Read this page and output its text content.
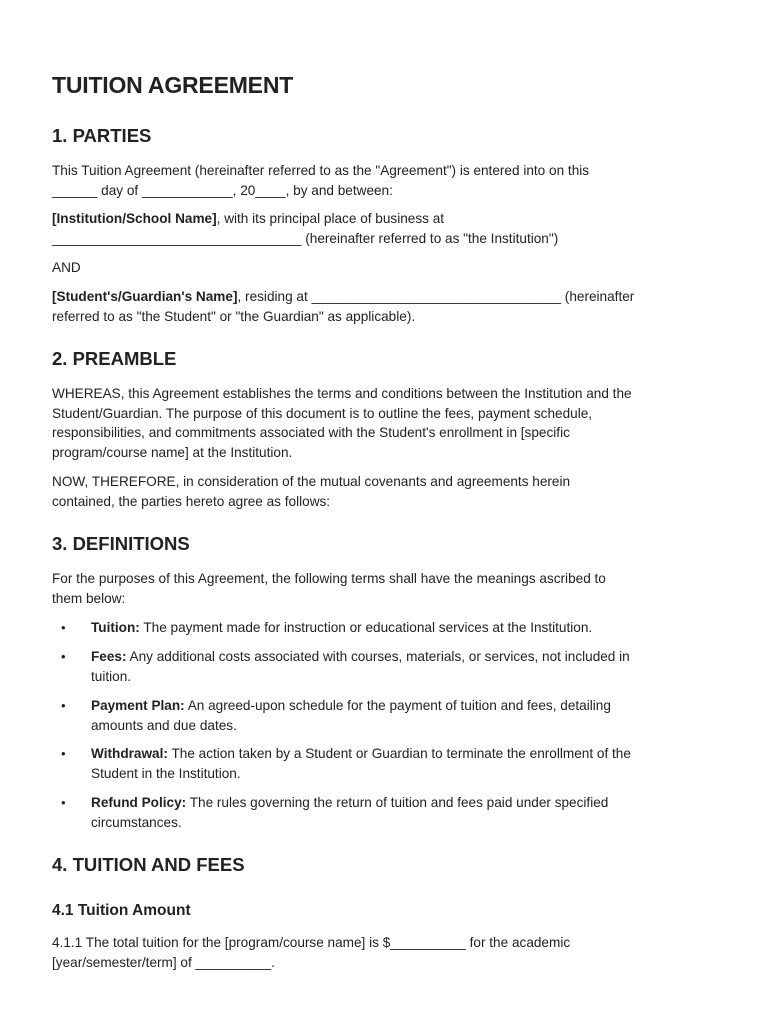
TUITION AGREEMENT
1. PARTIES

This Tuition Agreement (hereinafter referred to as the "Agreement") is entered into on this
______ day of ____________, 20____, by and between:

[Institution/School Name], with its principal place of business at
_________________________________ (hereinafter referred to as "the Institution")

AND

[Student's/Guardian's Name], residing at _________________________________ (hereinafter
referred to as "the Student" or "the Guardian" as applicable).

2. PREAMBLE

WHEREAS, this Agreement establishes the terms and conditions between the Institution and the
Student/Guardian. The purpose of this document is to outline the fees, payment schedule,
responsibilities, and commitments associated with the Student's enrollment in [specific
program/course name] at the Institution.

NOW, THEREFORE, in consideration of the mutual covenants and agreements herein
contained, the parties hereto agree as follows:

3. DEFINITIONS

For the purposes of this Agreement, the following terms shall have the meanings ascribed to
them below:

• Tuition: The payment made for instruction or educational services at the Institution.
• Fees: Any additional costs associated with courses, materials, or services, not included in
tuition.
• Payment Plan: An agreed-upon schedule for the payment of tuition and fees, detailing
amounts and due dates.
• Withdrawal: The action taken by a Student or Guardian to terminate the enrollment of the
Student in the Institution.
• Refund Policy: The rules governing the return of tuition and fees paid under specified
circumstances.
4. TUITION AND FEES
4.1 Tuition Amount

4.1.1 The total tuition for the [program/course name] is $__________ for the academic
[year/semester/term] of __________.
